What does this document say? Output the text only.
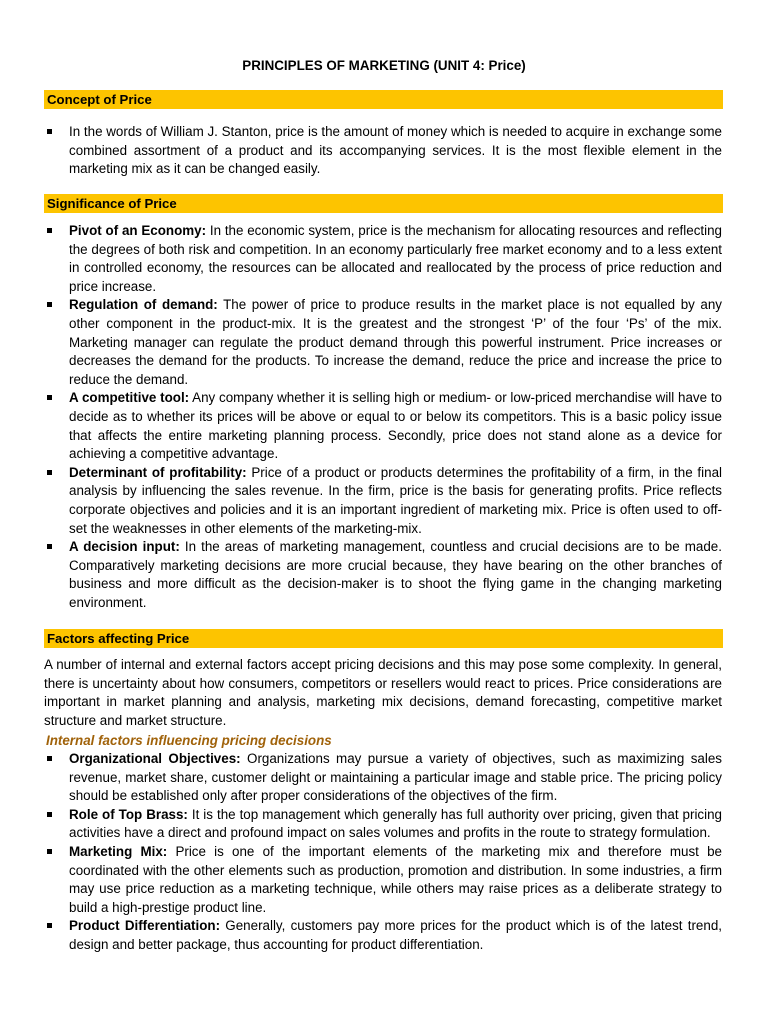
PRINCIPLES OF MARKETING (UNIT 4: Price)
Concept of Price
In the words of William J. Stanton, price is the amount of money which is needed to acquire in exchange some combined assortment of a product and its accompanying services. It is the most flexible element in the marketing mix as it can be changed easily.
Significance of Price
Pivot of an Economy: In the economic system, price is the mechanism for allocating resources and reflecting the degrees of both risk and competition. In an economy particularly free market economy and to a less extent in controlled economy, the resources can be allocated and reallocated by the process of price reduction and price increase.
Regulation of demand: The power of price to produce results in the market place is not equalled by any other component in the product-mix. It is the greatest and the strongest ‘P’ of the four ‘Ps’ of the mix. Marketing manager can regulate the product demand through this powerful instrument. Price increases or decreases the demand for the products. To increase the demand, reduce the price and increase the price to reduce the demand.
A competitive tool: Any company whether it is selling high or medium- or low-priced merchandise will have to decide as to whether its prices will be above or equal to or below its competitors. This is a basic policy issue that affects the entire marketing planning process. Secondly, price does not stand alone as a device for achieving a competitive advantage.
Determinant of profitability: Price of a product or products determines the profitability of a firm, in the final analysis by influencing the sales revenue. In the firm, price is the basis for generating profits. Price reflects corporate objectives and policies and it is an important ingredient of marketing mix. Price is often used to off-set the weaknesses in other elements of the marketing-mix.
A decision input: In the areas of marketing management, countless and crucial decisions are to be made. Comparatively marketing decisions are more crucial because, they have bearing on the other branches of business and more difficult as the decision-maker is to shoot the flying game in the changing marketing environment.
Factors affecting Price

A number of internal and external factors accept pricing decisions and this may pose some complexity. In general, there is uncertainty about how consumers, competitors or resellers would react to prices. Price considerations are important in market planning and analysis, marketing mix decisions, demand forecasting, competitive market structure and market structure.

Internal factors influencing pricing decisions
Organizational Objectives: Organizations may pursue a variety of objectives, such as maximizing sales revenue, market share, customer delight or maintaining a particular image and stable price. The pricing policy should be established only after proper considerations of the objectives of the firm.
Role of Top Brass: It is the top management which generally has full authority over pricing, given that pricing activities have a direct and profound impact on sales volumes and profits in the route to strategy formulation.
Marketing Mix: Price is one of the important elements of the marketing mix and therefore must be coordinated with the other elements such as production, promotion and distribution. In some industries, a firm may use price reduction as a marketing technique, while others may raise prices as a deliberate strategy to build a high-prestige product line.
Product Differentiation: Generally, customers pay more prices for the product which is of the latest trend, design and better package, thus accounting for product differentiation.
